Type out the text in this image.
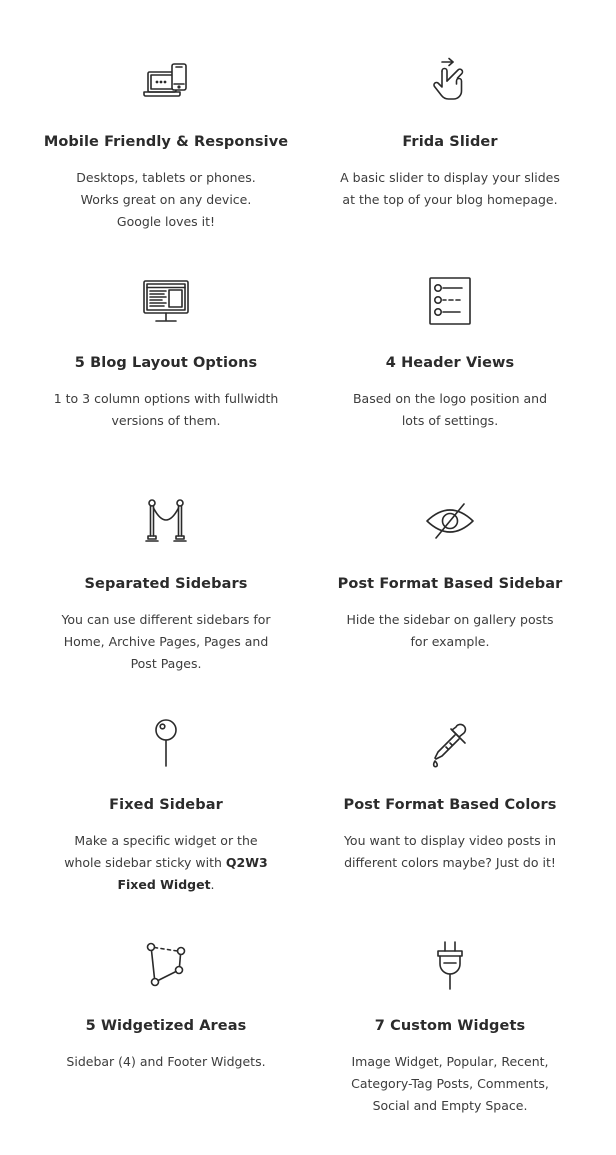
Mobile Friendly & Responsive
Desktops, tablets or phones.
Works great on any device.
Google loves it!
Frida Slider
A basic slider to display your slides
at the top of your blog homepage.
5 Blog Layout Options
1 to 3 column options with fullwidth
versions of them.
4 Header Views
Based on the logo position and
lots of settings.
Separated Sidebars
You can use different sidebars for
Home, Archive Pages, Pages and
Post Pages.
Post Format Based Sidebar
Hide the sidebar on gallery posts
for example.
Fixed Sidebar
Make a specific widget or the
whole sidebar sticky with Q2W3
Fixed Widget.
Post Format Based Colors
You want to display video posts in
different colors maybe? Just do it!
5 Widgetized Areas
Sidebar (4) and Footer Widgets.
7 Custom Widgets
Image Widget, Popular, Recent,
Category-Tag Posts, Comments,
Social and Empty Space.
